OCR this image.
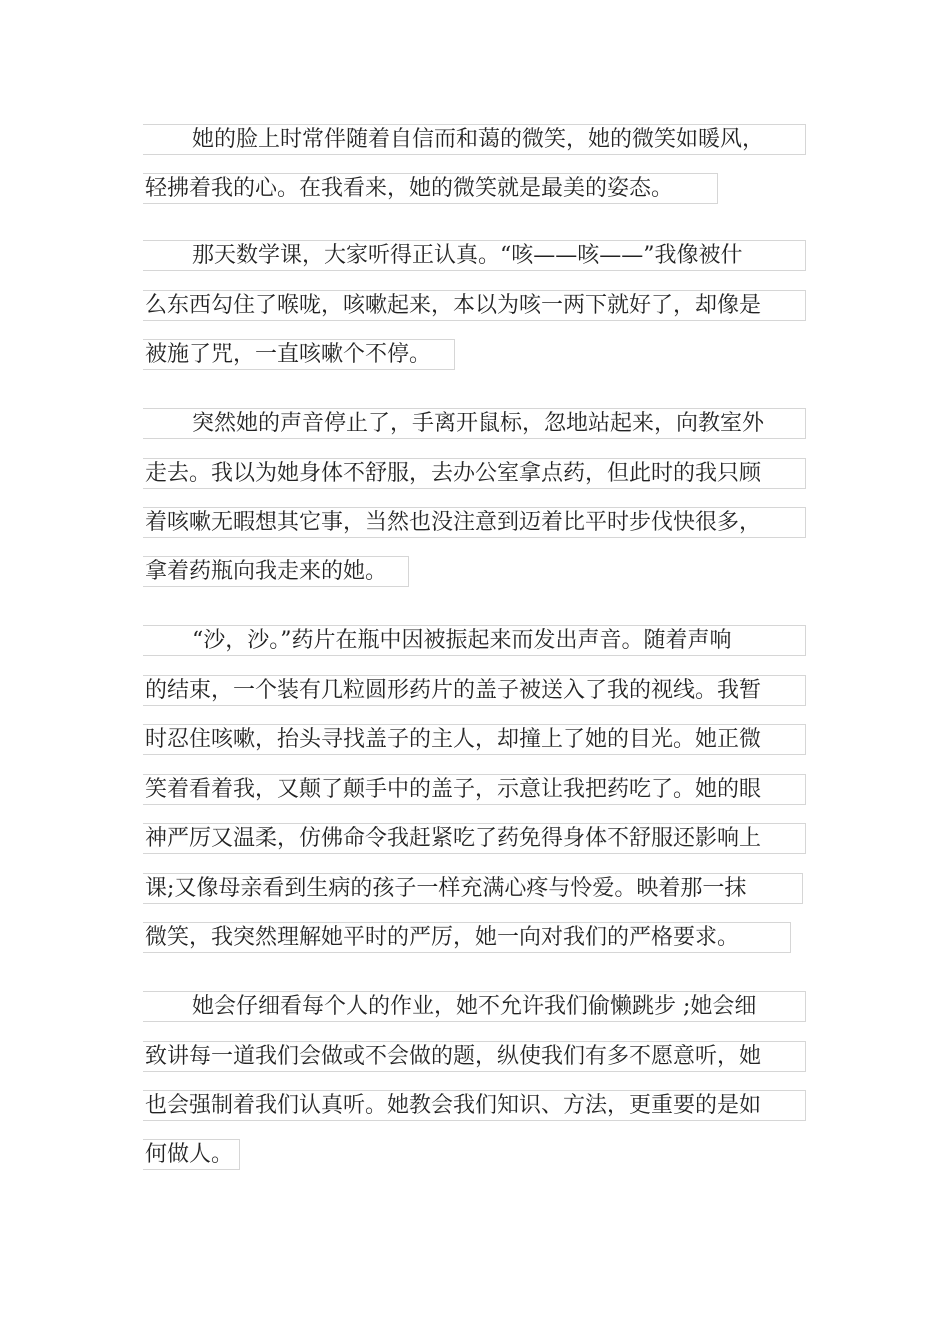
她的脸上时常伴随着自信而和蔼的微笑，她的微笑如暖风，
轻拂着我的心。在我看来，她的微笑就是最美的姿态。
那天数学课，大家听得正认真。“咳——咳——”我像被什
么东西勾住了喉咙，咳嗽起来，本以为咳一两下就好了，却像是
被施了咒，一直咳嗽个不停。
突然她的声音停止了，手离开鼠标，忽地站起来，向教室外
走去。我以为她身体不舒服，去办公室拿点药，但此时的我只顾
着咳嗽无暇想其它事，当然也没注意到迈着比平时步伐快很多，
拿着药瓶向我走来的她。
“沙，沙。”药片在瓶中因被振起来而发出声音。随着声响
的结束，一个装有几粒圆形药片的盖子被送入了我的视线。我暂
时忍住咳嗽，抬头寻找盖子的主人，却撞上了她的目光。她正微
笑着看着我，又颠了颠手中的盖子，示意让我把药吃了。她的眼
神严厉又温柔，仿佛命令我赶紧吃了药免得身体不舒服还影响上
课;又像母亲看到生病的孩子一样充满心疼与怜爱。映着那一抹
微笑，我突然理解她平时的严厉，她一向对我们的严格要求。
她会仔细看每个人的作业，她不允许我们偷懒跳步 ;她会细
致讲每一道我们会做或不会做的题，纵使我们有多不愿意听，她
也会强制着我们认真听。她教会我们知识、方法，更重要的是如
何做人。
